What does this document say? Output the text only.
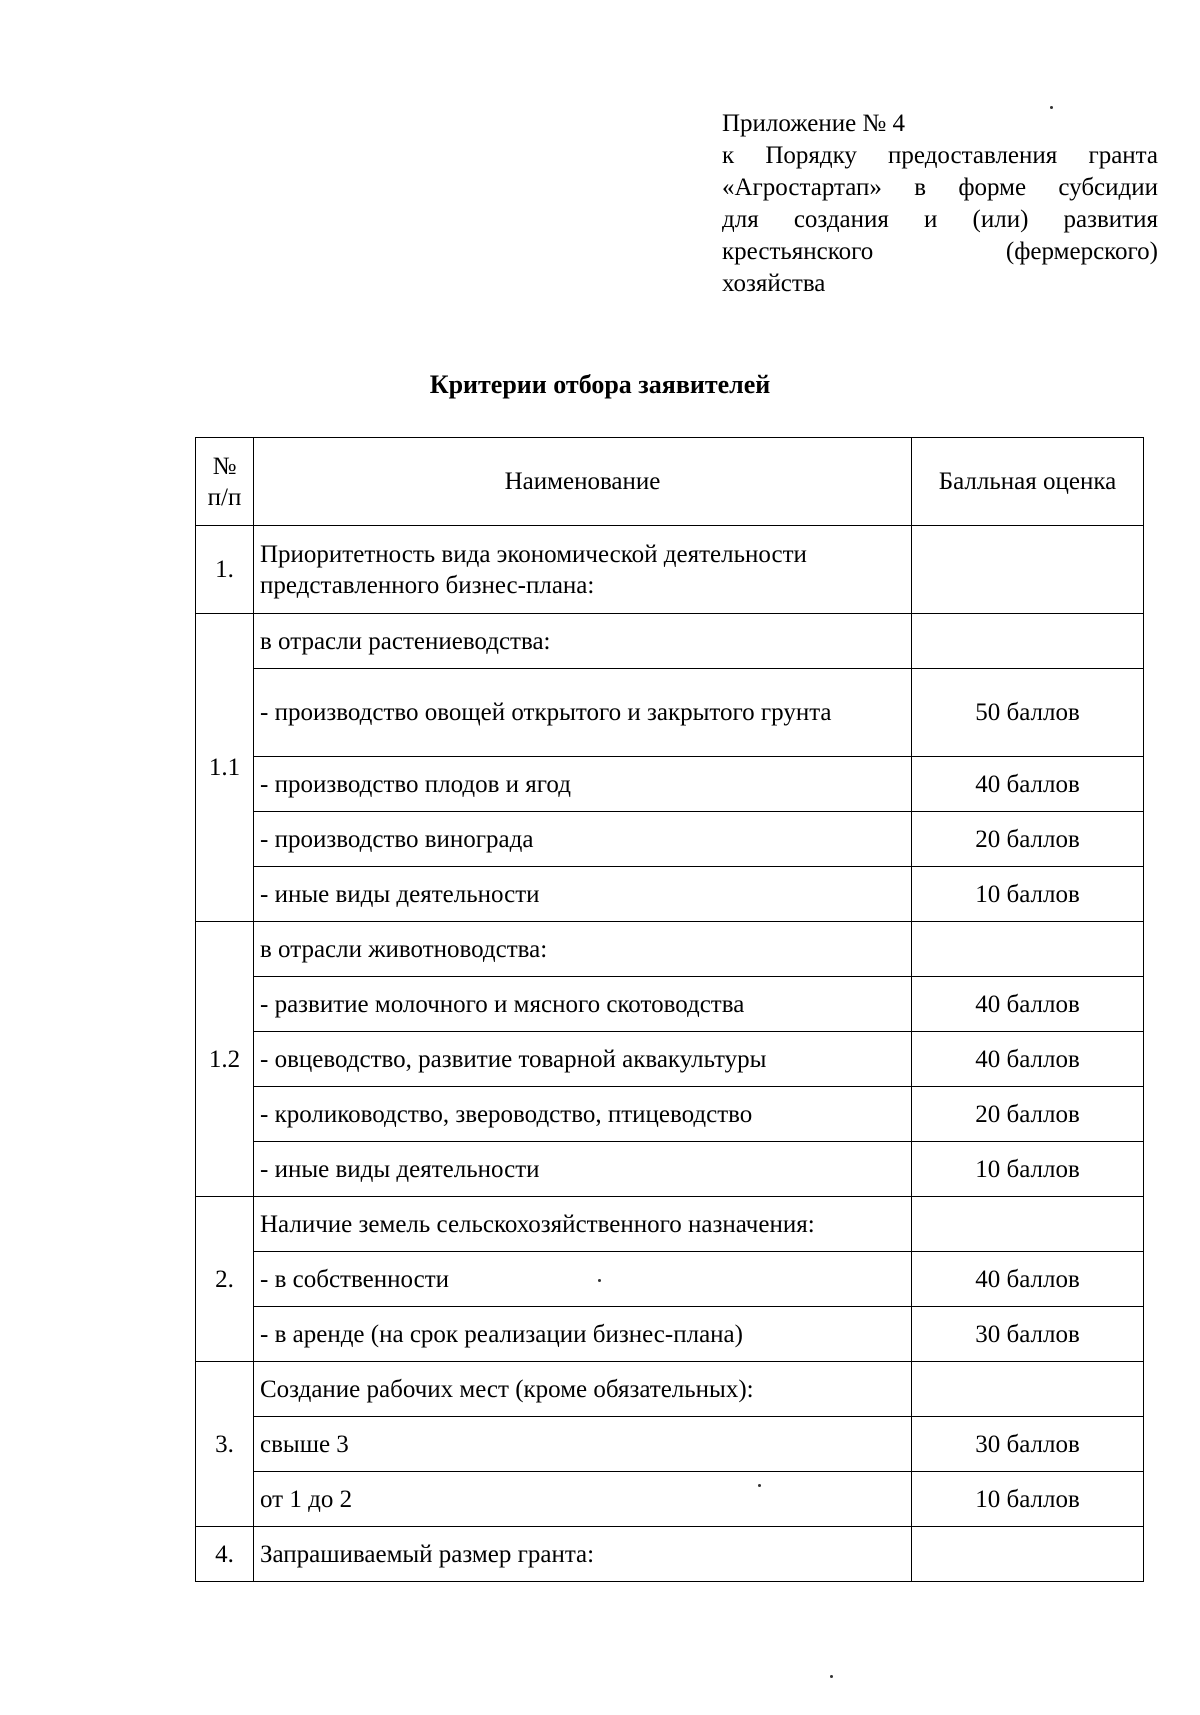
Приложение № 4
к Порядку предоставления гранта
«Агростартап» в форме субсидии
для создания и (или) развития
крестьянского (фермерского)
хозяйства
Критерии отбора заявителей
№ п/п	Наименование	Балльная оценка
1.	Приоритетность вида экономической деятельности представленного бизнес-плана:	
1.1	в отрасли растениеводства:	
	- производство овощей открытого и закрытого грунта	50 баллов
	- производство плодов и ягод	40 баллов
	- производство винограда	20 баллов
	- иные виды деятельности	10 баллов
1.2	в отрасли животноводства:	
	- развитие молочного и мясного скотоводства	40 баллов
	- овцеводство, развитие товарной аквакультуры	40 баллов
	- кролиководство, звероводство, птицеводство	20 баллов
	- иные виды деятельности	10 баллов
2.	Наличие земель сельскохозяйственного назначения:	
	- в собственности	40 баллов
	- в аренде (на срок реализации бизнес-плана)	30 баллов
3.	Создание рабочих мест (кроме обязательных):	
	свыше 3	30 баллов
	от 1 до 2	10 баллов
4.	Запрашиваемый размер гранта:	
